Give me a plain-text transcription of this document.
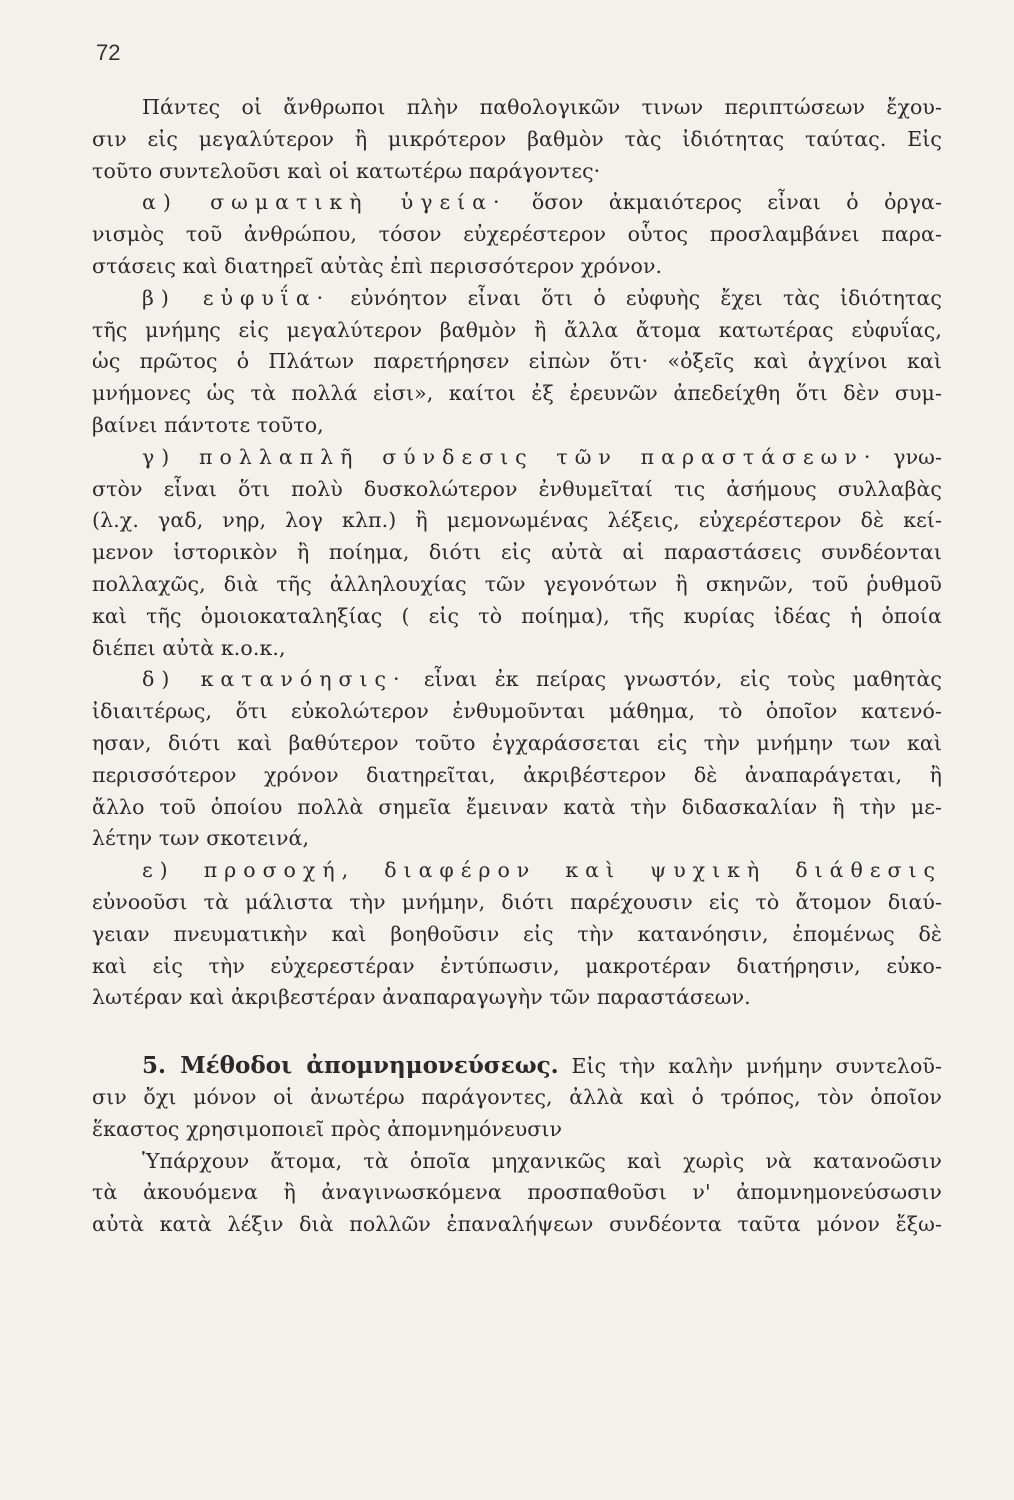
72
Πάντες οἱ ἄνθρωποι πλὴν παθολογικῶν τινων περιπτώσεων ἔχου-
σιν εἰς μεγαλύτερον ἢ μικρότερον βαθμὸν τὰς ἰδιότητας ταύτας. Εἰς
τοῦτο συντελοῦσι καὶ οἱ κατωτέρω παράγοντες·
α) σωματικὴ ὑγεία· ὅσον ἀκμαιότερος εἶναι ὁ ὀργα-
νισμὸς τοῦ ἀνθρώπου, τόσον εὐχερέστερον οὗτος προσλαμβάνει παρα-
στάσεις καὶ διατηρεῖ αὐτὰς ἐπὶ περισσότερον χρόνον.
β) εὐφυΐα· εὐνόητον εἶναι ὅτι ὁ εὐφυὴς ἔχει τὰς ἰδιότητας
τῆς μνήμης εἰς μεγαλύτερον βαθμὸν ἢ ἄλλα ἄτομα κατωτέρας εὐφυΐας,
ὡς πρῶτος ὁ Πλάτων παρετήρησεν εἰπὼν ὅτι· «ὀξεῖς καὶ ἀγχίνοι καὶ
μνήμονες ὡς τὰ πολλά εἰσι», καίτοι ἐξ ἐρευνῶν ἀπεδείχθη ὅτι δὲν συμ-
βαίνει πάντοτε τοῦτο,
γ) πολλαπλῆ σύνδεσις τῶν παραστάσεων· γνω-
στὸν εἶναι ὅτι πολὺ δυσκολώτερον ἐνθυμεῖταί τις ἀσήμους συλλαβὰς
(λ.χ. γαδ, νηρ, λογ κλπ.) ἢ μεμονωμένας λέξεις, εὐχερέστερον δὲ κεί-
μενον ἱστορικὸν ἢ ποίημα, διότι εἰς αὐτὰ αἱ παραστάσεις συνδέονται
πολλαχῶς, διὰ τῆς ἀλληλουχίας τῶν γεγονότων ἢ σκηνῶν, τοῦ ῥυθμοῦ
καὶ τῆς ὁμοιοκαταληξίας ( εἰς τὸ ποίημα), τῆς κυρίας ἰδέας ἡ ὁποία
διέπει αὐτὰ κ.ο.κ.,
δ) κατανόησις· εἶναι ἐκ πείρας γνωστόν, εἰς τοὺς μαθητὰς
ἰδιαιτέρως, ὅτι εὐκολώτερον ἐνθυμοῦνται μάθημα, τὸ ὁποῖον κατενό-
ησαν, διότι καὶ βαθύτερον τοῦτο ἐγχαράσσεται εἰς τὴν μνήμην των καὶ
περισσότερον χρόνον διατηρεῖται, ἀκριβέστερον δὲ ἀναπαράγεται, ἢ
ἄλλο τοῦ ὁποίου πολλὰ σημεῖα ἔμειναν κατὰ τὴν διδασκαλίαν ἢ τὴν με-
λέτην των σκοτεινά,
ε) προσοχή, διαφέρον καὶ ψυχικὴ διάθεσις
εὐνοοῦσι τὰ μάλιστα τὴν μνήμην, διότι παρέχουσιν εἰς τὸ ἄτομον διαύ-
γειαν πνευματικὴν καὶ βοηθοῦσιν εἰς τὴν κατανόησιν, ἐπομένως δὲ
καὶ εἰς τὴν εὐχερεστέραν ἐντύπωσιν, μακροτέραν διατήρησιν, εὐκο-
λωτέραν καὶ ἀκριβεστέραν ἀναπαραγωγὴν τῶν παραστάσεων.
5. Μέθοδοι ἀπομνημονεύσεως. Εἰς τὴν καλὴν μνήμην συντελοῦ-
σιν ὄχι μόνον οἱ ἀνωτέρω παράγοντες, ἀλλὰ καὶ ὁ τρόπος, τὸν ὁποῖον
ἕκαστος χρησιμοποιεῖ πρὸς ἀπομνημόνευσιν
Ὑπάρχουν ἄτομα, τὰ ὁποῖα μηχανικῶς καὶ χωρὶς νὰ κατανοῶσιν
τὰ ἀκουόμενα ἢ ἀναγινωσκόμενα προσπαθοῦσι ν' ἀπομνημονεύσωσιν
αὐτὰ κατὰ λέξιν διὰ πολλῶν ἐπαναλήψεων συνδέοντα ταῦτα μόνον ἔξω-
